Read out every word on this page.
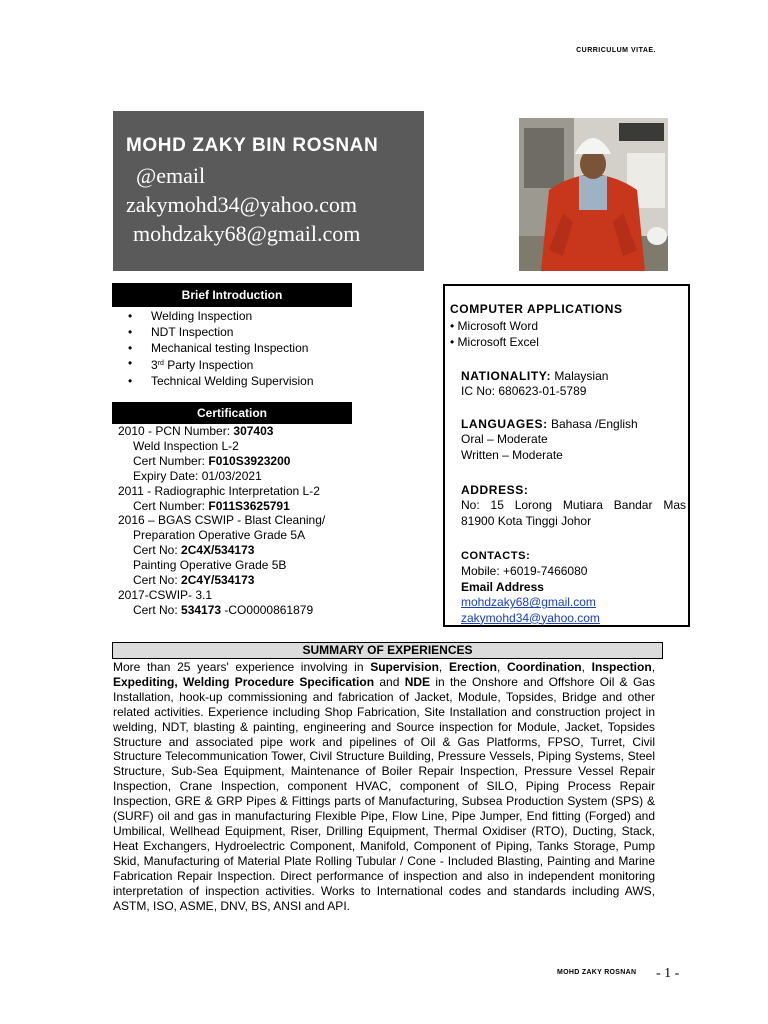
CURRICULUM VITAE.
MOHD ZAKY BIN ROSNAN
@email
zakymohd34@yahoo.com
mohdzaky68@gmail.com
Brief Introduction
• Welding Inspection
• NDT Inspection
• Mechanical testing Inspection
• 3rd Party Inspection
• Technical Welding Supervision
Certification
2010 - PCN Number: 307403
Weld Inspection L-2
Cert Number: F010S3923200
Expiry Date: 01/03/2021
2011 - Radiographic Interpretation L-2
Cert Number: F011S3625791
2016 – BGAS CSWIP - Blast Cleaning/
Preparation Operative Grade 5A
Cert No: 2C4X/534173
Painting Operative Grade 5B
Cert No: 2C4Y/534173
2017-CSWIP- 3.1
Cert No: 534173 -CO0000861879
COMPUTER APPLICATIONS
• Microsoft Word
• Microsoft Excel
NATIONALITY: Malaysian
IC No: 680623-01-5789
LANGUAGES: Bahasa /English
Oral – Moderate
Written – Moderate
ADDRESS:
No: 15 Lorong Mutiara Bandar Mas
81900 Kota Tinggi Johor
CONTACTS:
Mobile: +6019-7466080
Email Address
mohdzaky68@gmail.com
zakymohd34@yahoo.com
SUMMARY OF EXPERIENCES
More than 25 years' experience involving in Supervision, Erection, Coordination, Inspection, Expediting, Welding Procedure Specification and NDE in the Onshore and Offshore Oil & Gas Installation, hook-up commissioning and fabrication of Jacket, Module, Topsides, Bridge and other related activities. Experience including Shop Fabrication, Site Installation and construction project in welding, NDT, blasting & painting, engineering and Source inspection for Module, Jacket, Topsides Structure and associated pipe work and pipelines of Oil & Gas Platforms, FPSO, Turret, Civil Structure Telecommunication Tower, Civil Structure Building, Pressure Vessels, Piping Systems, Steel Structure, Sub-Sea Equipment, Maintenance of Boiler Repair Inspection, Pressure Vessel Repair Inspection, Crane Inspection, component HVAC, component of SILO, Piping Process Repair Inspection, GRE & GRP Pipes & Fittings parts of Manufacturing, Subsea Production System (SPS) & (SURF) oil and gas in manufacturing Flexible Pipe, Flow Line, Pipe Jumper, End fitting (Forged) and Umbilical, Wellhead Equipment, Riser, Drilling Equipment, Thermal Oxidiser (RTO), Ducting, Stack, Heat Exchangers, Hydroelectric Component, Manifold, Component of Piping, Tanks Storage, Pump Skid, Manufacturing of Material Plate Rolling Tubular / Cone - Included Blasting, Painting and Marine Fabrication Repair Inspection. Direct performance of inspection and also in independent monitoring interpretation of inspection activities. Works to International codes and standards including AWS, ASTM, ISO, ASME, DNV, BS, ANSI and API.
MOHD ZAKY ROSNAN - 1 -
